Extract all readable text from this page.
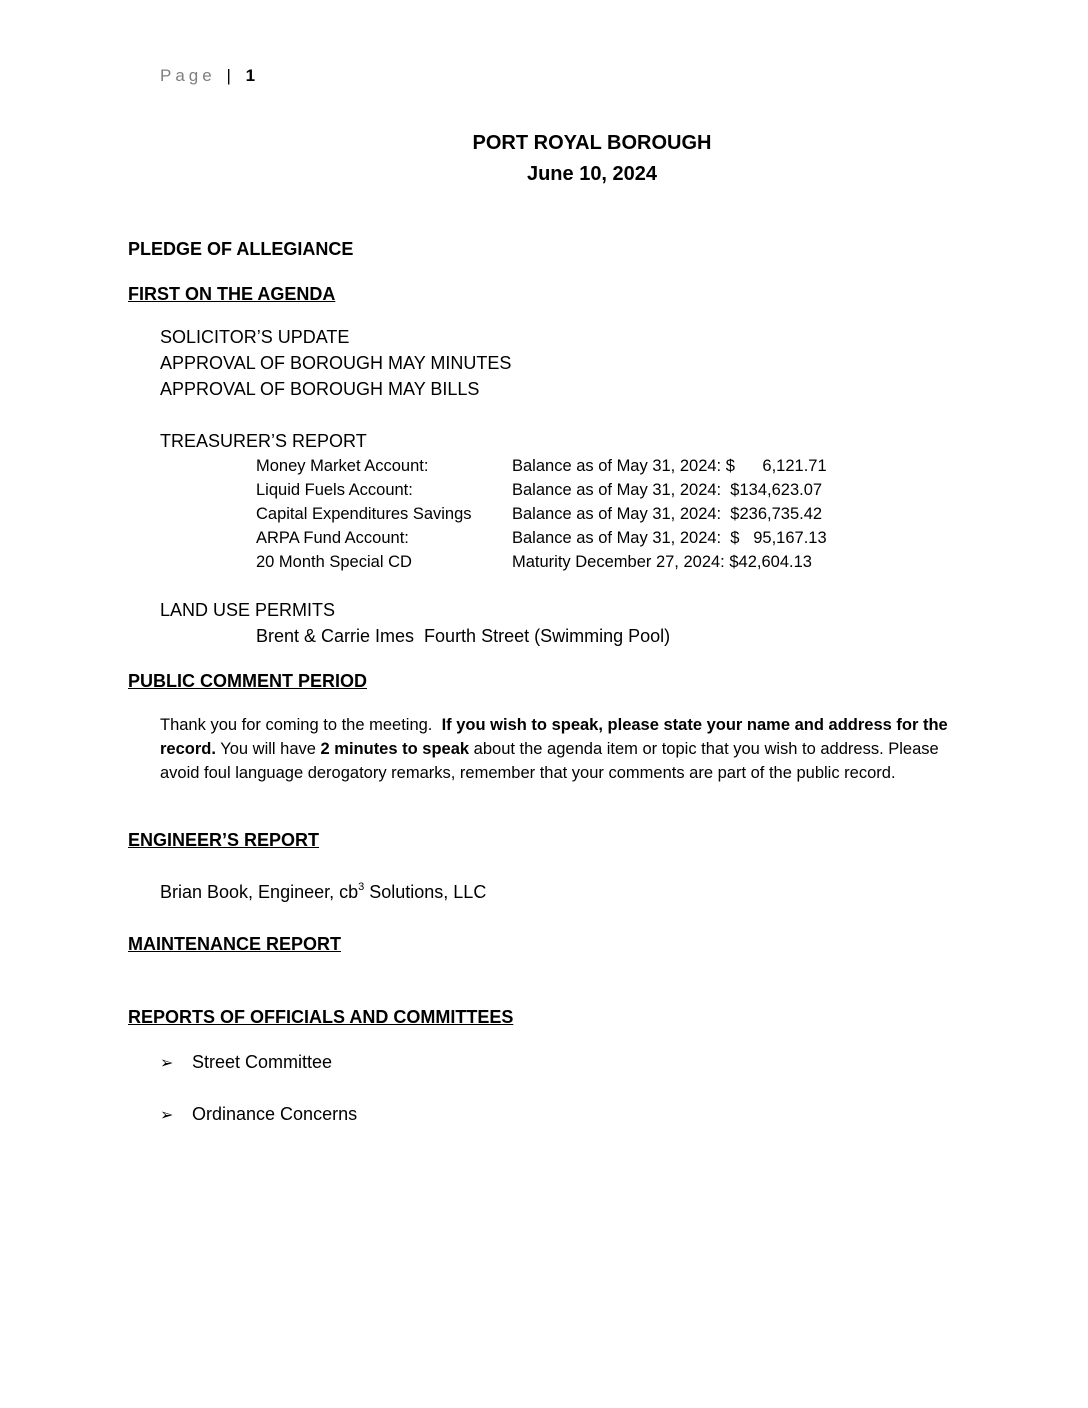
Page | 1
PORT ROYAL BOROUGH
June 10, 2024
PLEDGE OF ALLEGIANCE
FIRST ON THE AGENDA
SOLICITOR’S UPDATE
APPROVAL OF BOROUGH MAY MINUTES
APPROVAL OF BOROUGH MAY BILLS
TREASURER’S REPORT
Money Market Account:	Balance as of May 31, 2024: $      6,121.71
Liquid Fuels Account:	Balance as of May 31, 2024:  $134,623.07
Capital Expenditures Savings Balance as of May 31, 2024:  $236,735.42
ARPA Fund Account:	Balance as of May 31, 2024:  $   95,167.13
20 Month Special CD	Maturity December 27, 2024: $42,604.13
LAND USE PERMITS
Brent & Carrie Imes  Fourth Street (Swimming Pool)
PUBLIC COMMENT PERIOD
Thank you for coming to the meeting.  If you wish to speak, please state your name and address for the record. You will have 2 minutes to speak about the agenda item or topic that you wish to address. Please avoid foul language derogatory remarks, remember that your comments are part of the public record.
ENGINEER’S REPORT
Brian Book, Engineer, $cb^3$ Solutions, LLC
MAINTENANCE REPORT
REPORTS OF OFFICIALS AND COMMITTEES
➢ Street Committee
➢ Ordinance Concerns
